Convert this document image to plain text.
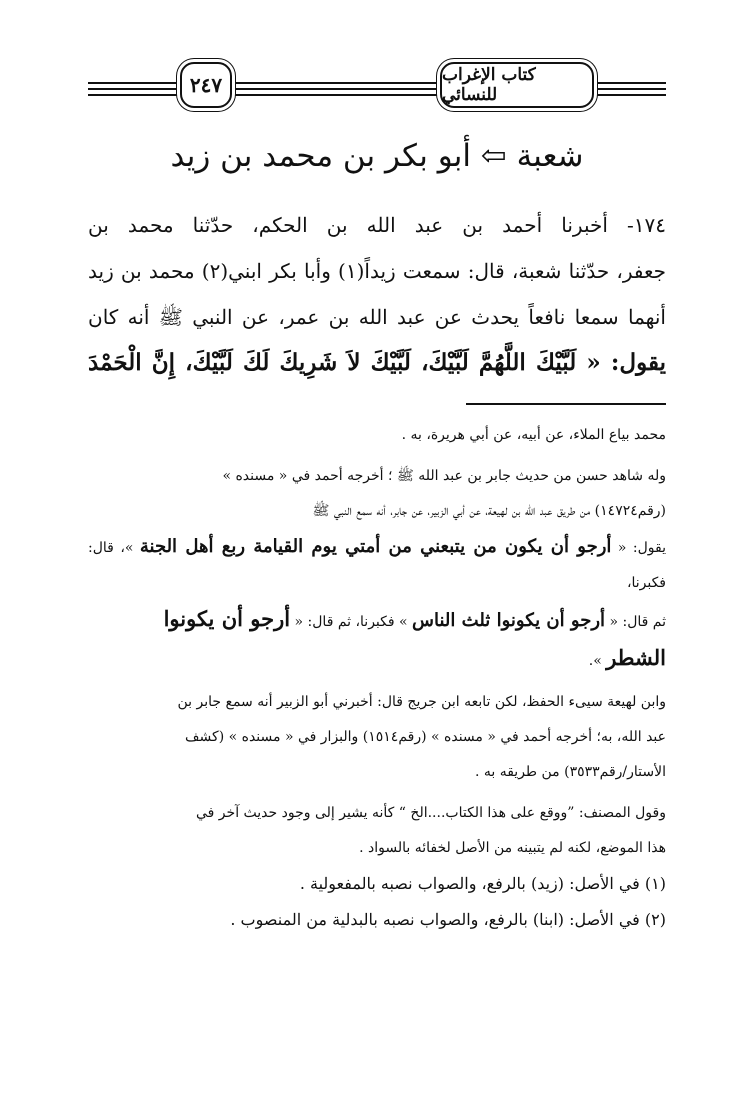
كتاب الإغراب للنسائي
٢٤٧
شعبة ⇦ أبو بكر بن محمد بن زيد

١٧٤- أخبرنا أحمد بن عبد الله بن الحكم، حدّثنا محمد بن

جعفر، حدّثنا شعبة، قال: سمعت زيداً(١) وأبا بكر ابني(٢) محمد بن زيد

أنهما سمعا نافعاً يحدث عن عبد الله بن عمر، عن النبي ﷺ أنه كان

يقول: « لَبَّيْكَ اللَّهُمَّ لَبَّيْكَ، لَبَّيْكَ لاَ شَرِيكَ لَكَ لَبَّيْكَ، إِنَّ الْحَمْدَ

محمد بياع الملاء، عن أبيه، عن أبي هريرة، به .

وله شاهد حسن من حديث جابر بن عبد الله ﷺ ؛ أخرجه أحمد في « مسنده »

(رقم١٤٧٢٤) من طريق عبد الله بن لهيعة، عن أبي الزبير، عن جابر، أنه سمع النبي ﷺ

يقول: « أرجو أن يكون من يتبعني من أمتي يوم القيامة ربع أهل الجنة »، قال: فكبرنا،

ثم قال: « أرجو أن يكونوا ثلث الناس » فكبرنا، ثم قال: « أرجو أن يكونوا

الشطر ».

وابن لهيعة سيىء الحفظ، لكن تابعه ابن جريج قال: أخبرني أبو الزبير أنه سمع جابر بن

عبد الله، به؛ أخرجه أحمد في « مسنده » (رقم١٥١٤) والبزار في « مسنده » (كشف

الأستار/رقم٣٥٣٣) من طريقه به .

وقول المصنف: ”ووقع على هذا الكتاب....الخ “ كأنه يشير إلى وجود حديث آخر في

هذا الموضع، لكنه لم يتبينه من الأصل لخفائه بالسواد .

(١) في الأصل: (زيد) بالرفع، والصواب نصبه بالمفعولية .

(٢) في الأصل: (ابنا) بالرفع، والصواب نصبه بالبدلية من المنصوب .
